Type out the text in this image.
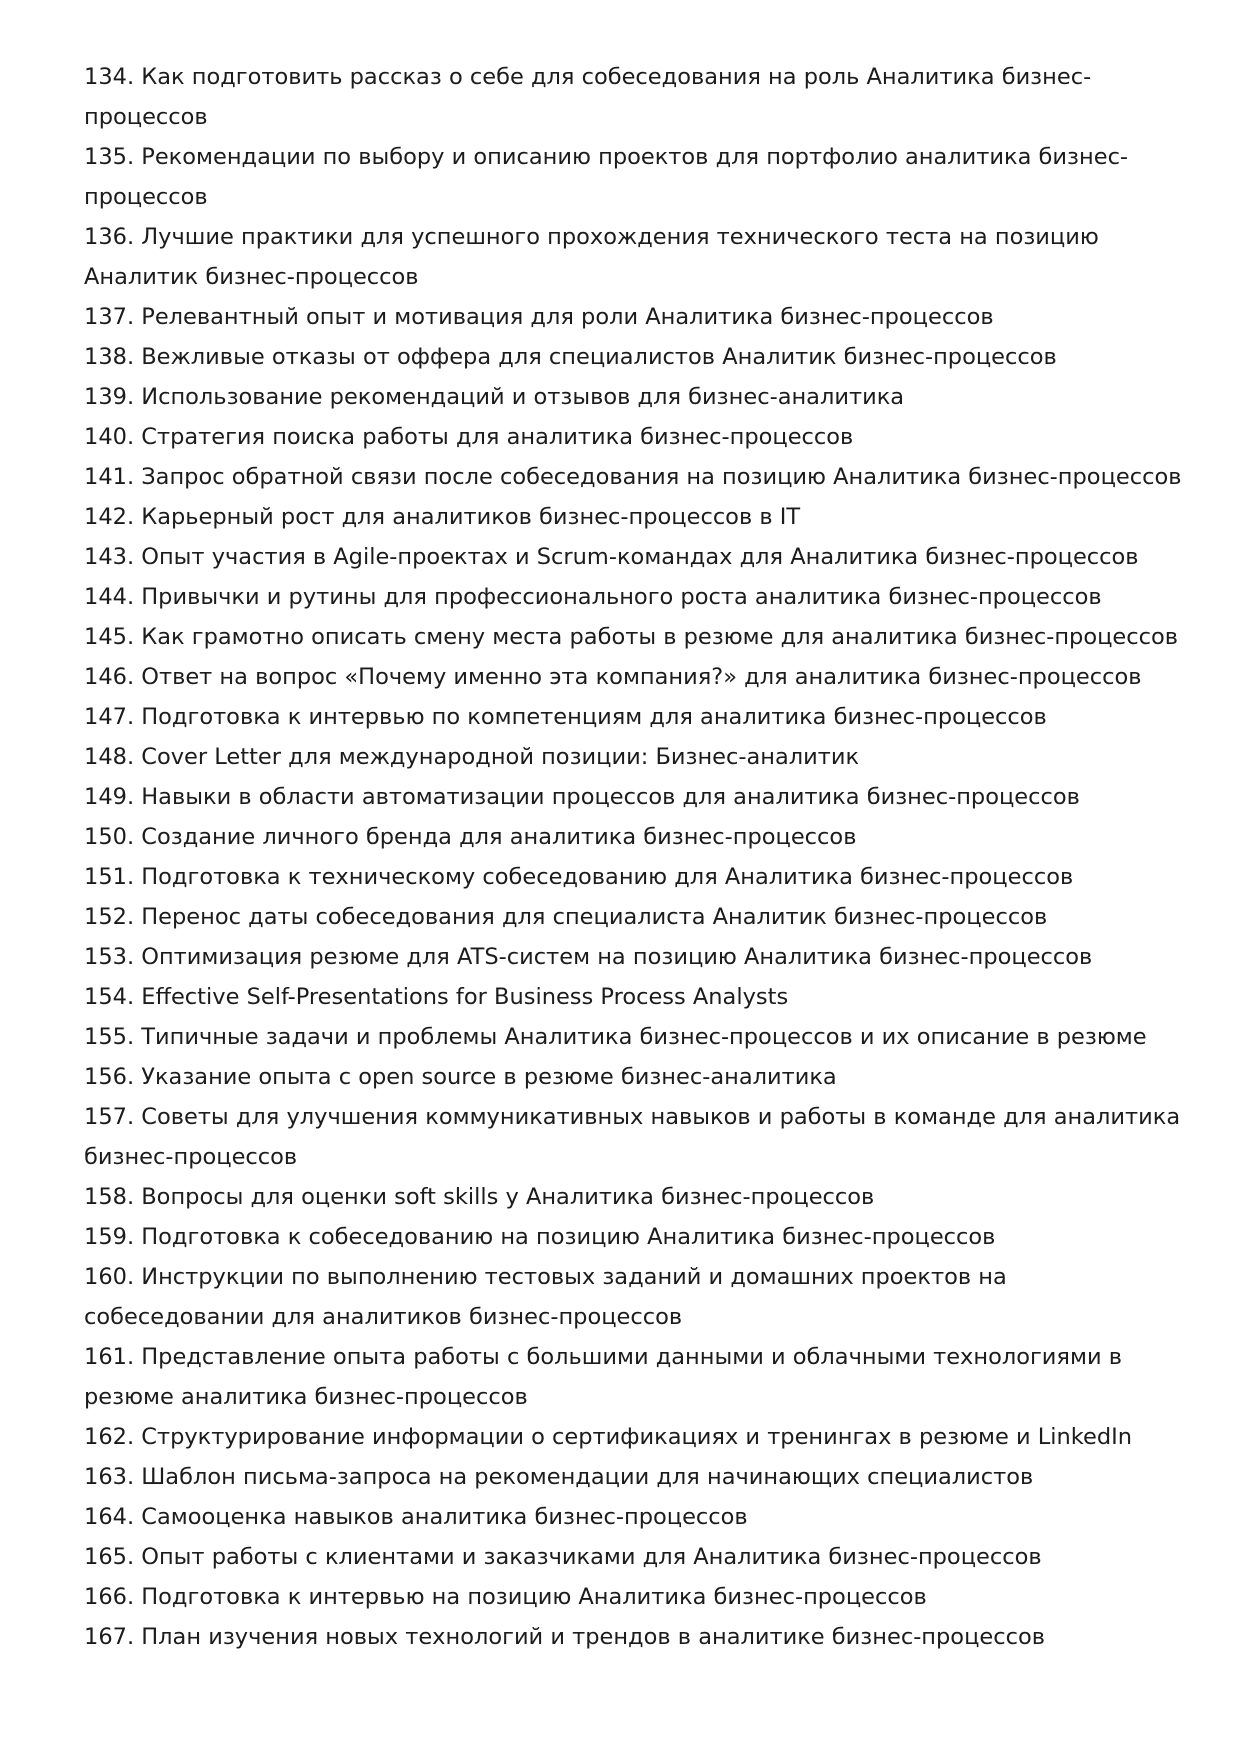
134. Как подготовить рассказ о себе для собеседования на роль Аналитика бизнес-процессов
135. Рекомендации по выбору и описанию проектов для портфолио аналитика бизнес-процессов
136. Лучшие практики для успешного прохождения технического теста на позицию Аналитик бизнес-процессов
137. Релевантный опыт и мотивация для роли Аналитика бизнес-процессов
138. Вежливые отказы от оффера для специалистов Аналитик бизнес-процессов
139. Использование рекомендаций и отзывов для бизнес-аналитика
140. Стратегия поиска работы для аналитика бизнес-процессов
141. Запрос обратной связи после собеседования на позицию Аналитика бизнес-процессов
142. Карьерный рост для аналитиков бизнес-процессов в IT
143. Опыт участия в Agile-проектах и Scrum-командах для Аналитика бизнес-процессов
144. Привычки и рутины для профессионального роста аналитика бизнес-процессов
145. Как грамотно описать смену места работы в резюме для аналитика бизнес-процессов
146. Ответ на вопрос «Почему именно эта компания?» для аналитика бизнес-процессов
147. Подготовка к интервью по компетенциям для аналитика бизнес-процессов
148. Cover Letter для международной позиции: Бизнес-аналитик
149. Навыки в области автоматизации процессов для аналитика бизнес-процессов
150. Создание личного бренда для аналитика бизнес-процессов
151. Подготовка к техническому собеседованию для Аналитика бизнес-процессов
152. Перенос даты собеседования для специалиста Аналитик бизнес-процессов
153. Оптимизация резюме для ATS-систем на позицию Аналитика бизнес-процессов
154. Effective Self-Presentations for Business Process Analysts
155. Типичные задачи и проблемы Аналитика бизнес-процессов и их описание в резюме
156. Указание опыта с open source в резюме бизнес-аналитика
157. Советы для улучшения коммуникативных навыков и работы в команде для аналитика бизнес-процессов
158. Вопросы для оценки soft skills у Аналитика бизнес-процессов
159. Подготовка к собеседованию на позицию Аналитика бизнес-процессов
160. Инструкции по выполнению тестовых заданий и домашних проектов на собеседовании для аналитиков бизнес-процессов
161. Представление опыта работы с большими данными и облачными технологиями в резюме аналитика бизнес-процессов
162. Структурирование информации о сертификациях и тренингах в резюме и LinkedIn
163. Шаблон письма-запроса на рекомендации для начинающих специалистов
164. Самооценка навыков аналитика бизнес-процессов
165. Опыт работы с клиентами и заказчиками для Аналитика бизнес-процессов
166. Подготовка к интервью на позицию Аналитика бизнес-процессов
167. План изучения новых технологий и трендов в аналитике бизнес-процессов
